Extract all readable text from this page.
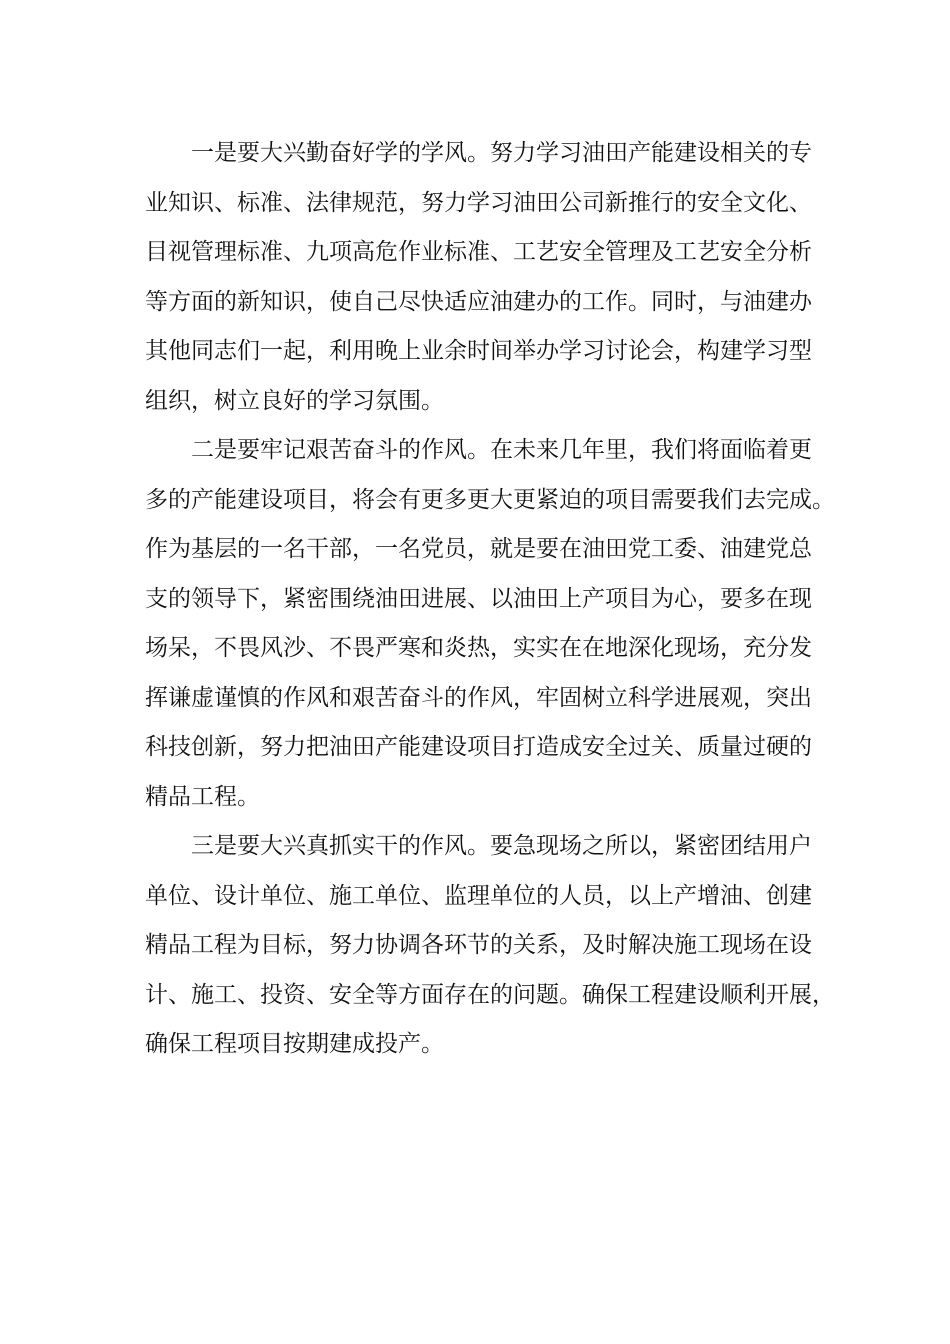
一是要大兴勤奋好学的学风。努力学习油田产能建设相关的专
业知识、标准、法律规范，努力学习油田公司新推行的安全文化、
目视管理标准、九项高危作业标准、工艺安全管理及工艺安全分析
等方面的新知识，使自己尽快适应油建办的工作。同时，与油建办
其他同志们一起，利用晚上业余时间举办学习讨论会，构建学习型
组织，树立良好的学习氛围。

二是要牢记艰苦奋斗的作风。在未来几年里，我们将面临着更
多的产能建设项目，将会有更多更大更紧迫的项目需要我们去完成。
作为基层的一名干部，一名党员，就是要在油田党工委、油建党总
支的领导下，紧密围绕油田进展、以油田上产项目为心，要多在现
场呆，不畏风沙、不畏严寒和炎热，实实在在地深化现场，充分发
挥谦虚谨慎的作风和艰苦奋斗的作风，牢固树立科学进展观，突出
科技创新，努力把油田产能建设项目打造成安全过关、质量过硬的
精品工程。

三是要大兴真抓实干的作风。要急现场之所以，紧密团结用户
单位、设计单位、施工单位、监理单位的人员，以上产增油、创建
精品工程为目标，努力协调各环节的关系，及时解决施工现场在设
计、施工、投资、安全等方面存在的问题。确保工程建设顺利开展，
确保工程项目按期建成投产。
